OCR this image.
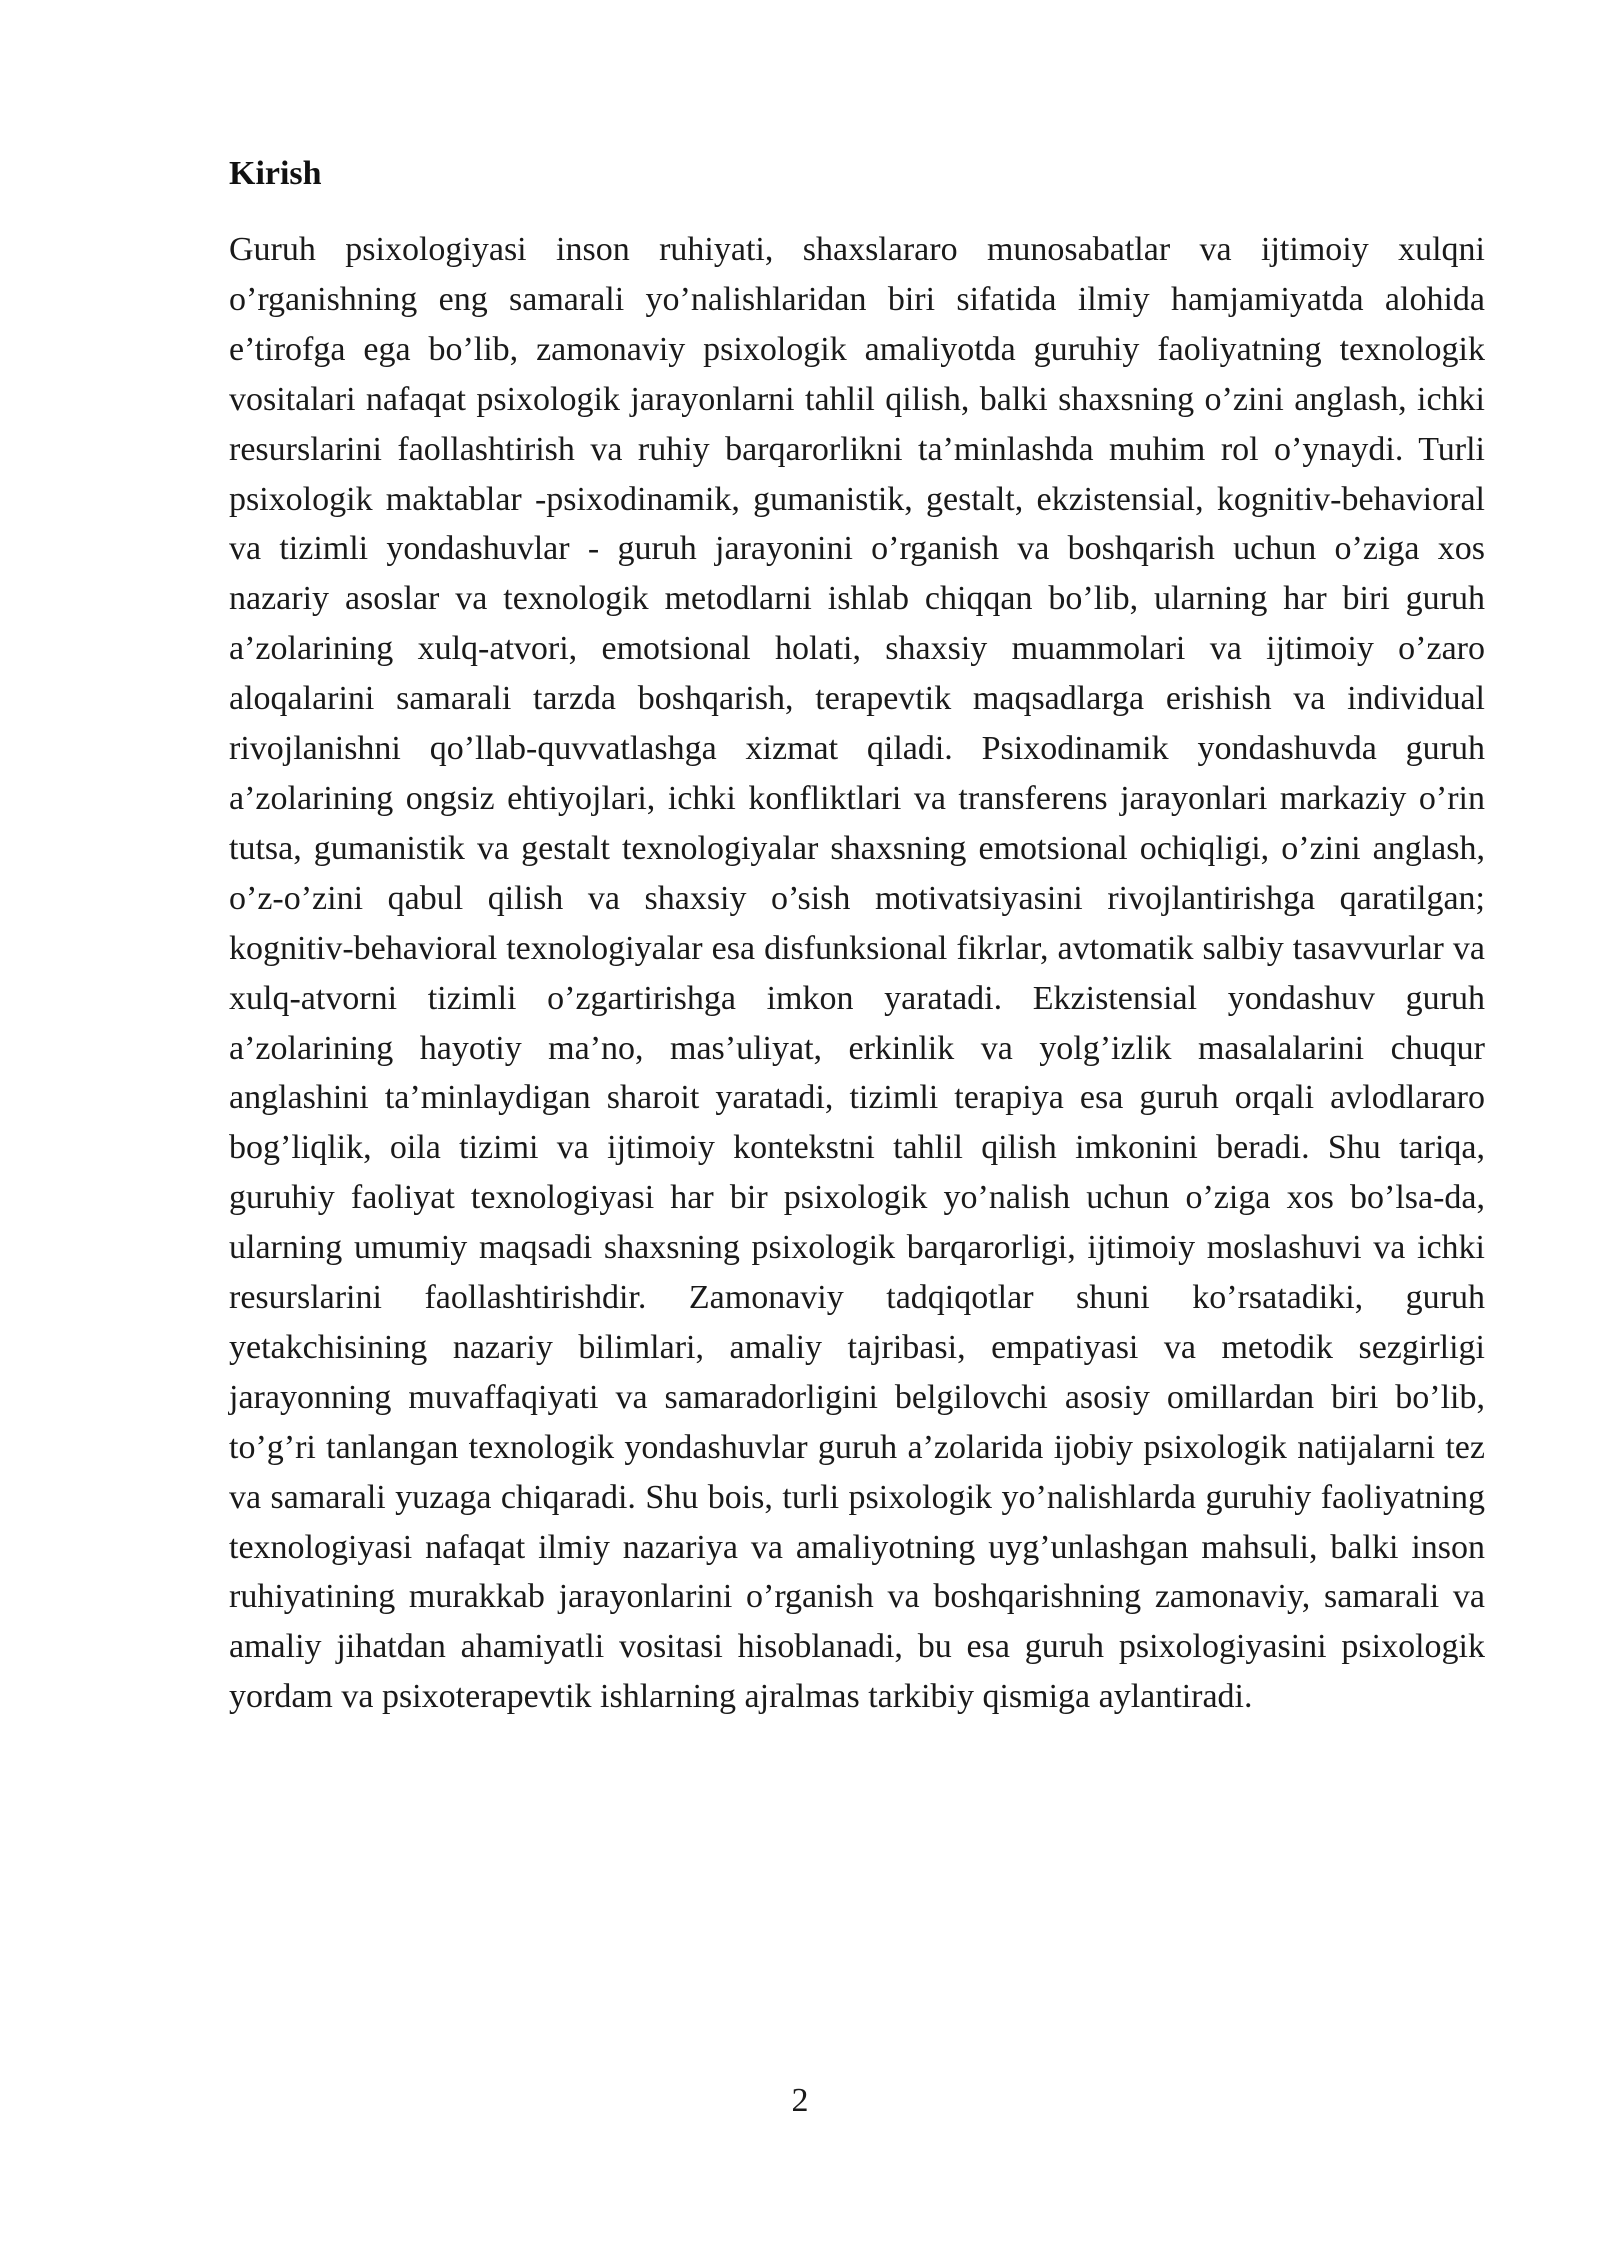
Kirish

Guruh psixologiyasi inson ruhiyati, shaxslararo munosabatlar va ijtimoiy xulqni o’rganishning eng samarali yo’nalishlaridan biri sifatida ilmiy hamjamiyatda alohida e’tirofga ega bo’lib, zamonaviy psixologik amaliyotda guruhiy faoliyatning texnologik vositalari nafaqat psixologik jarayonlarni tahlil qilish, balki shaxsning o’zini anglash, ichki resurslarini faollashtirish va ruhiy barqarorlikni ta’minlashda muhim rol o’ynaydi. Turli psixologik maktablar -psixodinamik, gumanistik, gestalt, ekzistensial, kognitiv-behavioral va tizimli yondashuvlar - guruh jarayonini o’rganish va boshqarish uchun o’ziga xos nazariy asoslar va texnologik metodlarni ishlab chiqqan bo’lib, ularning har biri guruh a’zolarining xulq-atvori, emotsional holati, shaxsiy muammolari va ijtimoiy o’zaro aloqalarini samarali tarzda boshqarish, terapevtik maqsadlarga erishish va individual rivojlanishni qo’llab-quvvatlashga xizmat qiladi. Psixodinamik yondashuvda guruh a’zolarining ongsiz ehtiyojlari, ichki konfliktlari va transferens jarayonlari markaziy o’rin tutsa, gumanistik va gestalt texnologiyalar shaxsning emotsional ochiqligi, o’zini anglash, o’z-o’zini qabul qilish va shaxsiy o’sish motivatsiyasini rivojlantirishga qaratilgan; kognitiv-behavioral texnologiyalar esa disfunksional fikrlar, avtomatik salbiy tasavvurlar va xulq-atvorni tizimli o’zgartirishga imkon yaratadi. Ekzistensial yondashuv guruh a’zolarining hayotiy ma’no, mas’uliyat, erkinlik va yolg’izlik masalalarini chuqur anglashini ta’minlaydigan sharoit yaratadi, tizimli terapiya esa guruh orqali avlodlararo bog’liqlik, oila tizimi va ijtimoiy kontekstni tahlil qilish imkonini beradi. Shu tariqa, guruhiy faoliyat texnologiyasi har bir psixologik yo’nalish uchun o’ziga xos bo’lsa-da, ularning umumiy maqsadi shaxsning psixologik barqarorligi, ijtimoiy moslashuvi va ichki resurslarini faollashtirishdir. Zamonaviy tadqiqotlar shuni ko’rsatadiki, guruh yetakchisining nazariy bilimlari, amaliy tajribasi, empatiyasi va metodik sezgirligi jarayonning muvaffaqiyati va samaradorligini belgilovchi asosiy omillardan biri bo’lib, to’g’ri tanlangan texnologik yondashuvlar guruh a’zolarida ijobiy psixologik natijalarni tez va samarali yuzaga chiqaradi. Shu bois, turli psixologik yo’nalishlarda guruhiy faoliyatning texnologiyasi nafaqat ilmiy nazariya va amaliyotning uyg’unlashgan mahsuli, balki inson ruhiyatining murakkab jarayonlarini o’rganish va boshqarishning zamonaviy, samarali va amaliy jihatdan ahamiyatli vositasi hisoblanadi, bu esa guruh psixologiyasini psixologik yordam va psixoterapevtik ishlarning ajralmas tarkibiy qismiga aylantiradi.

2
